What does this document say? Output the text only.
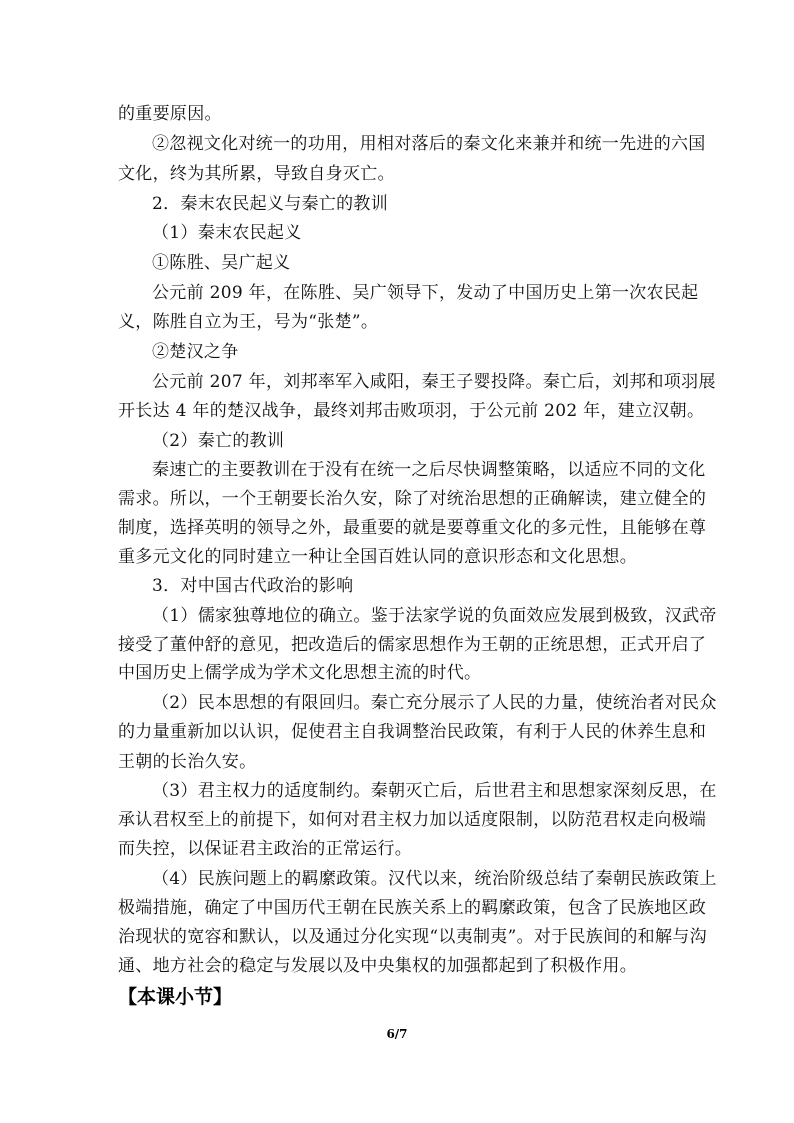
的重要原因。
②忽视文化对统一的功用，用相对落后的秦文化来兼并和统一先进的六国
文化，终为其所累，导致自身灭亡。
2．秦末农民起义与秦亡的教训
（1）秦末农民起义
①陈胜、吴广起义
公元前 209 年，在陈胜、吴广领导下，发动了中国历史上第一次农民起
义，陈胜自立为王，号为“张楚”。
②楚汉之争
公元前 207 年，刘邦率军入咸阳，秦王子婴投降。秦亡后，刘邦和项羽展
开长达 4 年的楚汉战争，最终刘邦击败项羽，于公元前 202 年，建立汉朝。
（2）秦亡的教训
秦速亡的主要教训在于没有在统一之后尽快调整策略，以适应不同的文化
需求。所以，一个王朝要长治久安，除了对统治思想的正确解读，建立健全的
制度，选择英明的领导之外，最重要的就是要尊重文化的多元性，且能够在尊
重多元文化的同时建立一种让全国百姓认同的意识形态和文化思想。
3．对中国古代政治的影响
（1）儒家独尊地位的确立。鉴于法家学说的负面效应发展到极致，汉武帝
接受了董仲舒的意见，把改造后的儒家思想作为王朝的正统思想，正式开启了
中国历史上儒学成为学术文化思想主流的时代。
（2）民本思想的有限回归。秦亡充分展示了人民的力量，使统治者对民众
的力量重新加以认识，促使君主自我调整治民政策，有利于人民的休养生息和
王朝的长治久安。
（3）君主权力的适度制约。秦朝灭亡后，后世君主和思想家深刻反思，在
承认君权至上的前提下，如何对君主权力加以适度限制，以防范君权走向极端
而失控，以保证君主政治的正常运行。
（4）民族问题上的羁縻政策。汉代以来，统治阶级总结了秦朝民族政策上
极端措施，确定了中国历代王朝在民族关系上的羁縻政策，包含了民族地区政
治现状的宽容和默认，以及通过分化实现“以夷制夷”。对于民族间的和解与沟
通、地方社会的稳定与发展以及中央集权的加强都起到了积极作用。
【本课小节】
6/7
